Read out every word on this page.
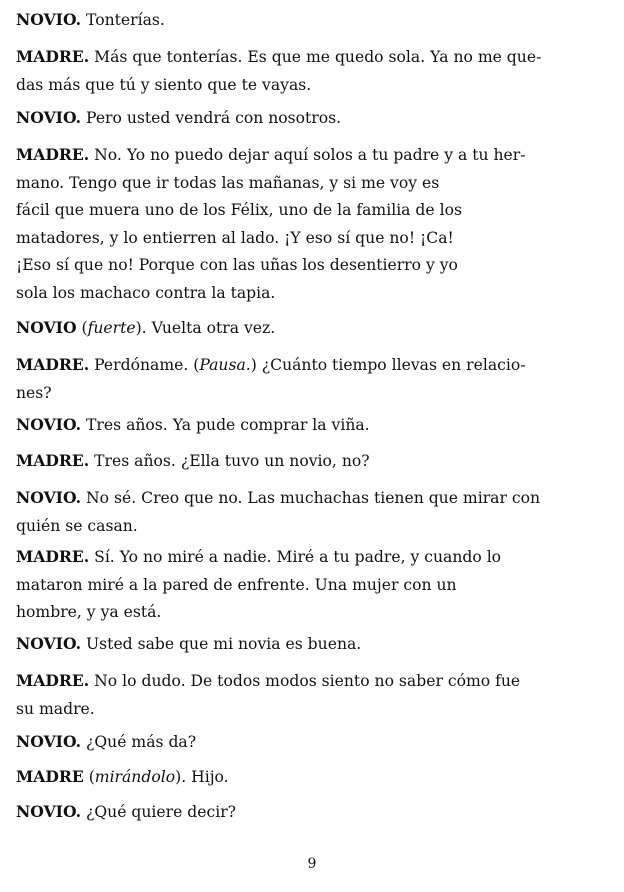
NOVIO. Tonterías.
MADRE. Más que tonterías. Es que me quedo sola. Ya no me que-
das más que tú y siento que te vayas.
NOVIO. Pero usted vendrá con nosotros.
MADRE. No. Yo no puedo dejar aquí solos a tu padre y a tu her-
mano. Tengo que ir todas las mañanas, y si me voy es
fácil que muera uno de los Félix, uno de la familia de los
matadores, y lo entierren al lado. ¡Y eso sí que no! ¡Ca!
¡Eso sí que no! Porque con las uñas los desentierro y yo
sola los machaco contra la tapia.
NOVIO (fuerte). Vuelta otra vez.
MADRE. Perdóname. (Pausa.) ¿Cuánto tiempo llevas en relacio-
nes?
NOVIO. Tres años. Ya pude comprar la viña.
MADRE. Tres años. ¿Ella tuvo un novio, no?
NOVIO. No sé. Creo que no. Las muchachas tienen que mirar con
quién se casan.
MADRE. Sí. Yo no miré a nadie. Miré a tu padre, y cuando lo
mataron miré a la pared de enfrente. Una mujer con un
hombre, y ya está.
NOVIO. Usted sabe que mi novia es buena.
MADRE. No lo dudo. De todos modos siento no saber cómo fue
su madre.
NOVIO. ¿Qué más da?
MADRE (mirándolo). Hijo.
NOVIO. ¿Qué quiere decir?
9
